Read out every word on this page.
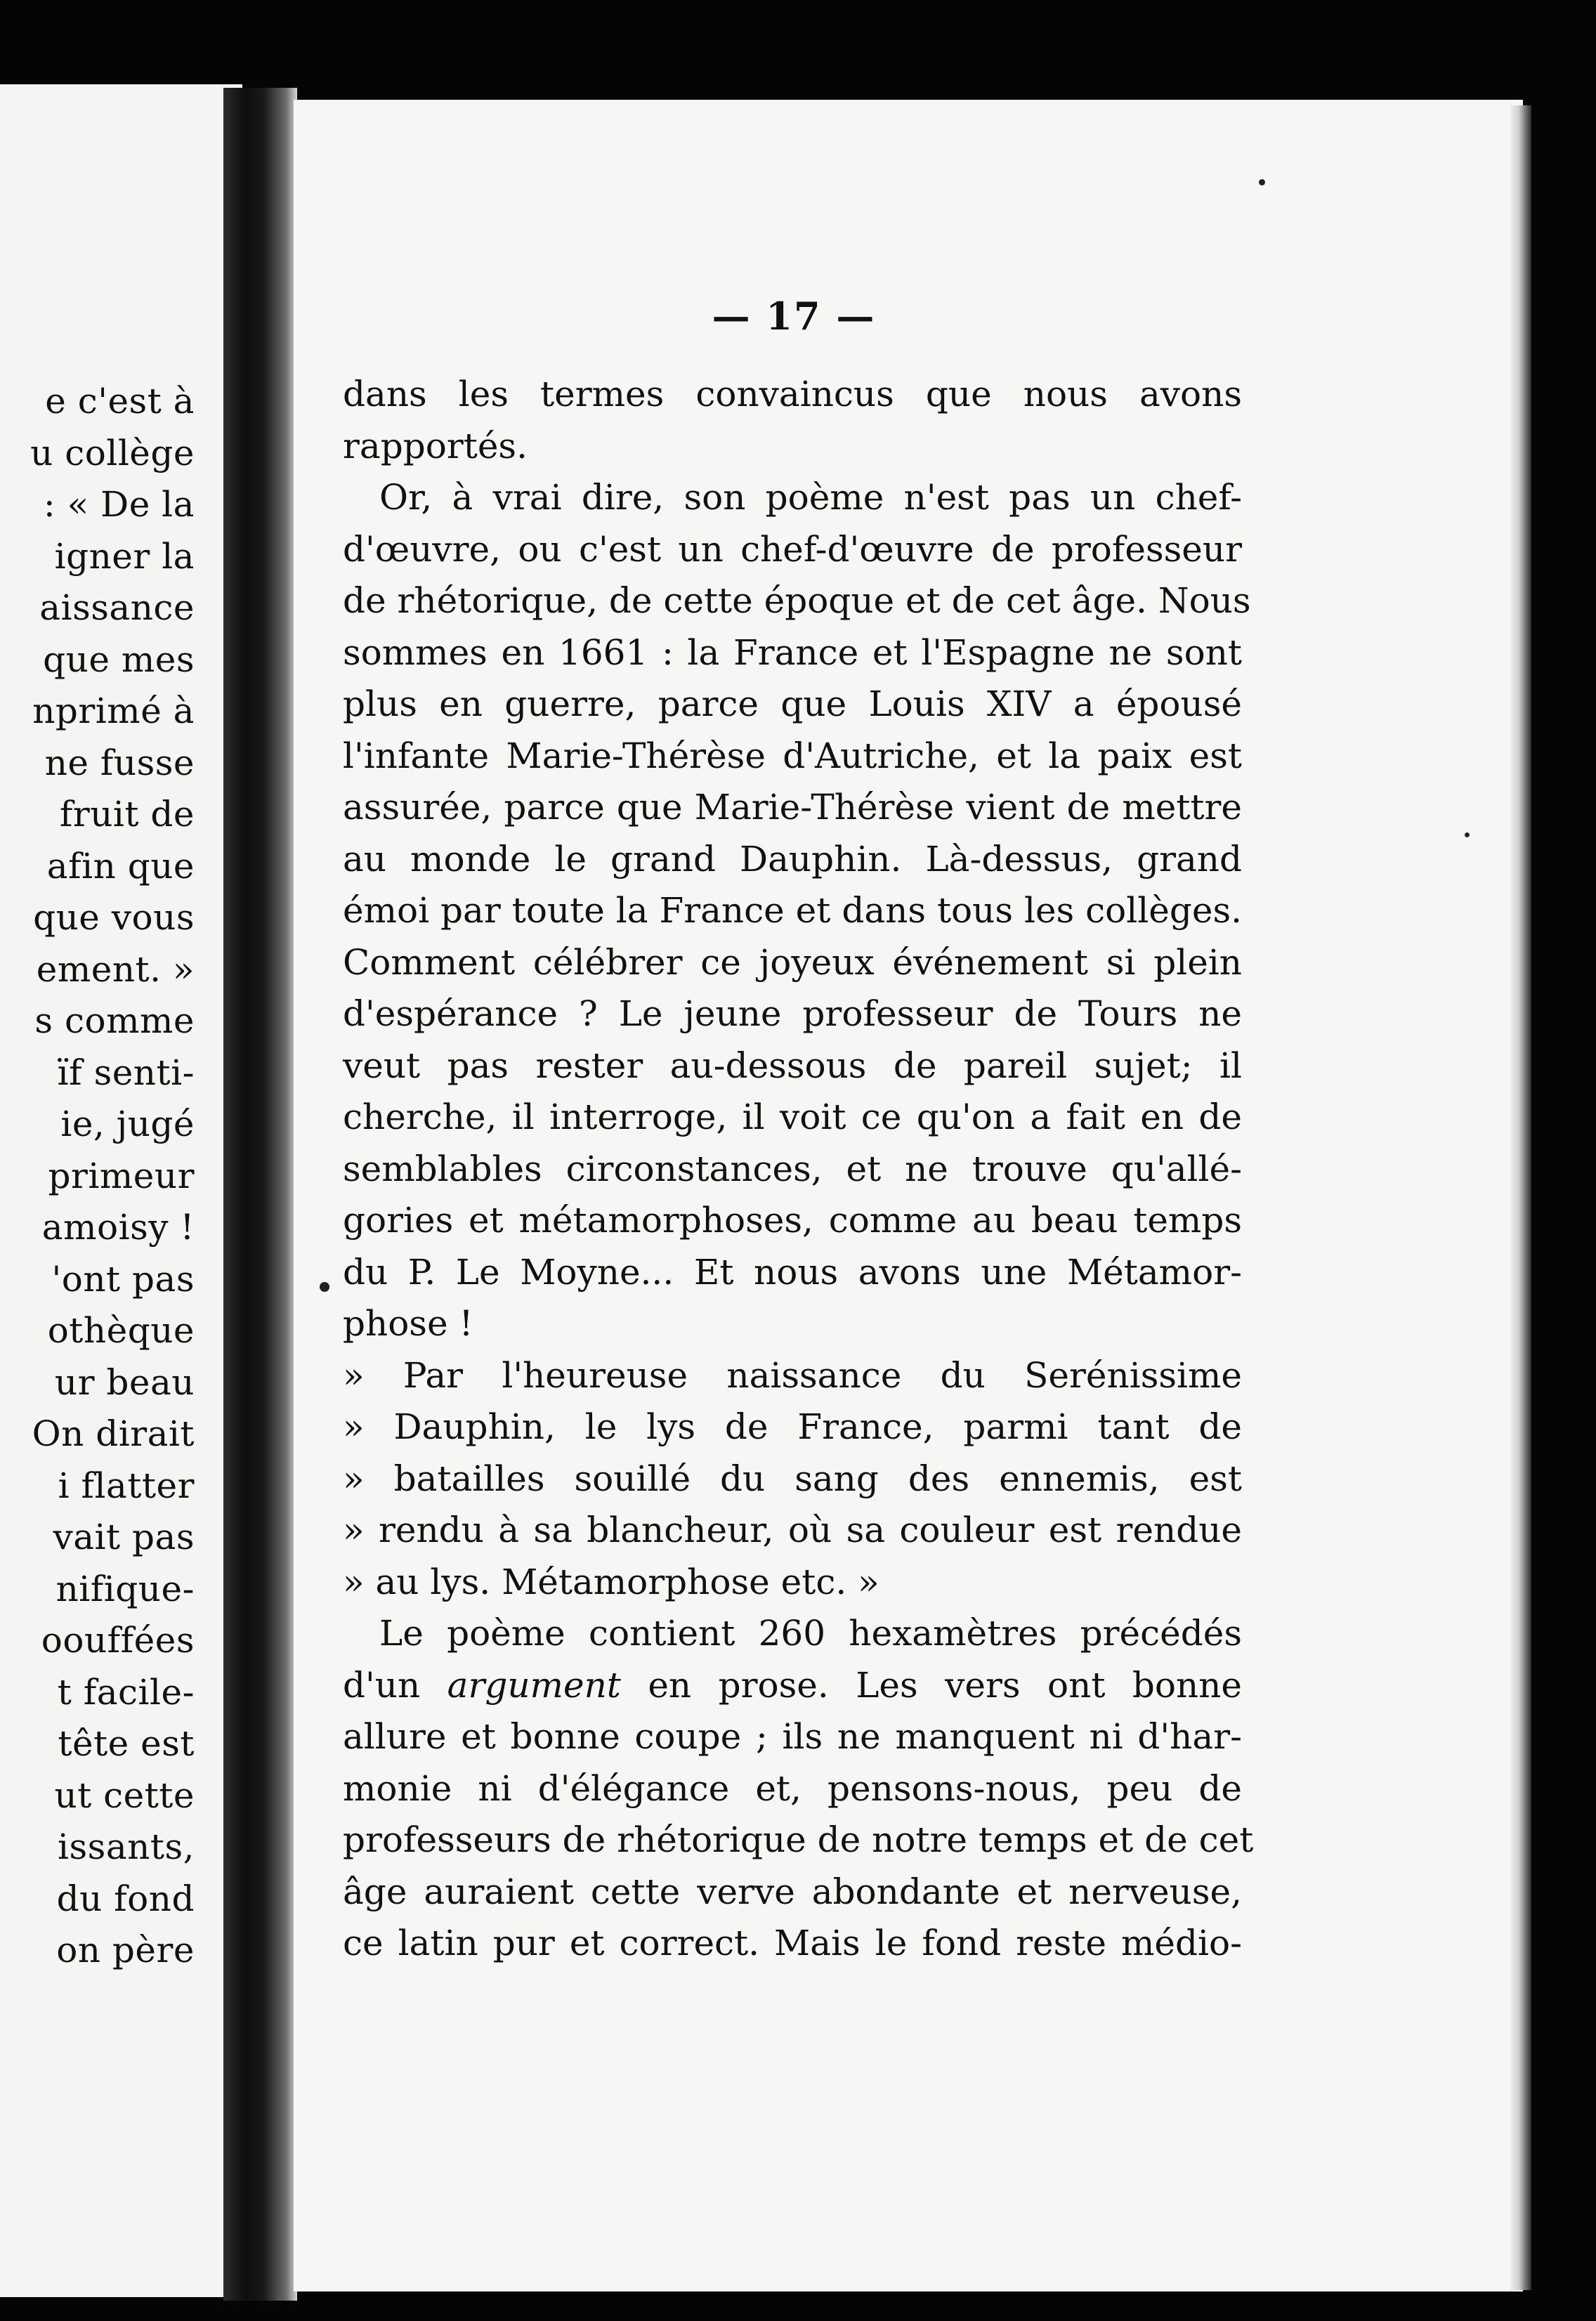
e c'est à
u collège
: « De la
igner la
aissance
que mes
nprimé à
ne fusse
fruit de
afin que
que vous
ement. »
s comme
ïf senti-
ie, jugé
primeur
amoisy !
'ont pas
othèque
ur beau
On dirait
i flatter
vait pas
nifique-
oouffées
t facile-
tête est
ut cette
issants,
du fond
on père
— 17 —
dans les termes convaincus que nous avons
rapportés.
Or, à vrai dire, son poème n'est pas un chef-
d'œuvre, ou c'est un chef-d'œuvre de professeur
de rhétorique, de cette époque et de cet âge. Nous
sommes en 1661 : la France et l'Espagne ne sont
plus en guerre, parce que Louis XIV a épousé
l'infante Marie-Thérèse d'Autriche, et la paix est
assurée, parce que Marie-Thérèse vient de mettre
au monde le grand Dauphin. Là-dessus, grand
émoi par toute la France et dans tous les collèges.
Comment célébrer ce joyeux événement si plein
d'espérance ? Le jeune professeur de Tours ne
veut pas rester au-dessous de pareil sujet; il
cherche, il interroge, il voit ce qu'on a fait en de
semblables circonstances, et ne trouve qu'allé-
gories et métamorphoses, comme au beau temps
du P. Le Moyne... Et nous avons une Métamor-
phose !
» Par l'heureuse naissance du Serénissime
» Dauphin, le lys de France, parmi tant de
» batailles souillé du sang des ennemis, est
» rendu à sa blancheur, où sa couleur est rendue
» au lys. Métamorphose etc. »
Le poème contient 260 hexamètres précédés
d'un argument en prose. Les vers ont bonne
allure et bonne coupe ; ils ne manquent ni d'har-
monie ni d'élégance et, pensons-nous, peu de
professeurs de rhétorique de notre temps et de cet
âge auraient cette verve abondante et nerveuse,
ce latin pur et correct. Mais le fond reste médio-
